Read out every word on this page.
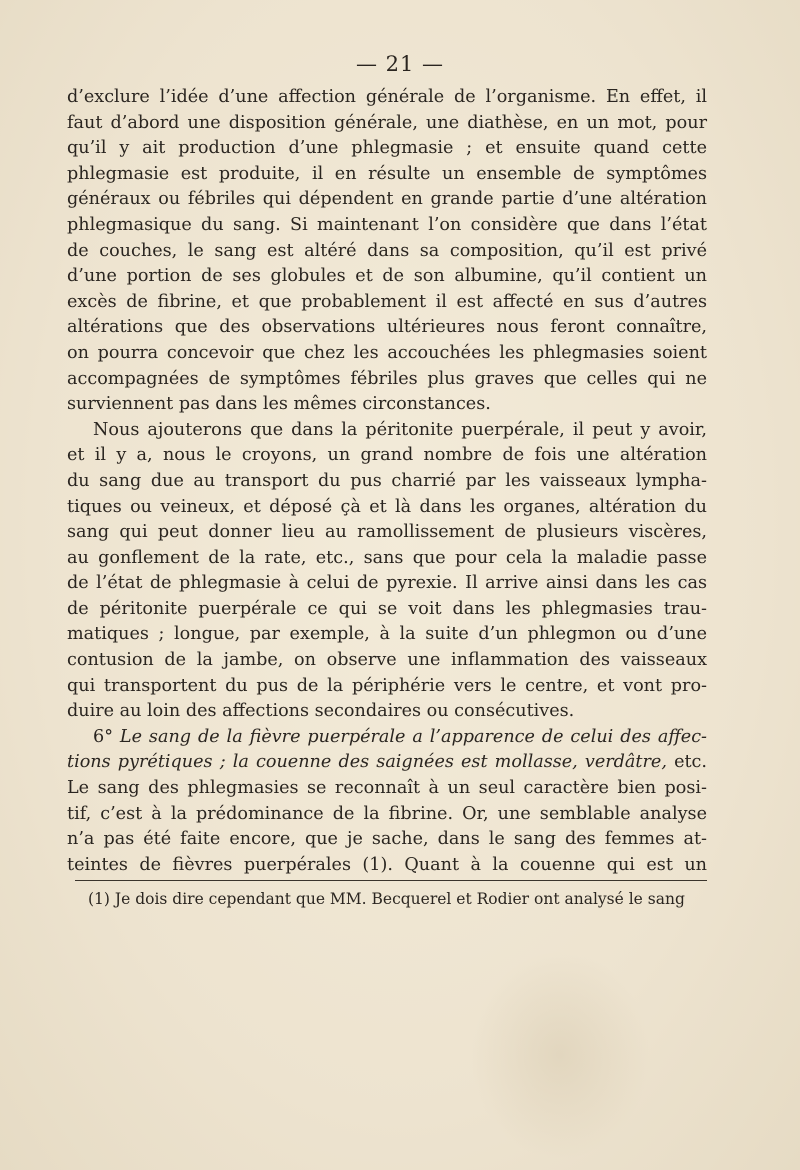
— 21 —
d’exclure l’idée d’une affection générale de l’organisme. En effet, il
faut d’abord une disposition générale, une diathèse, en un mot, pour
qu’il y ait production d’une phlegmasie ; et ensuite quand cette
phlegmasie est produite, il en résulte un ensemble de symptômes
généraux ou fébriles qui dépendent en grande partie d’une altération
phlegmasique du sang. Si maintenant l’on considère que dans l’état
de couches, le sang est altéré dans sa composition, qu’il est privé
d’une portion de ses globules et de son albumine, qu’il contient un
excès de fibrine, et que probablement il est affecté en sus d’autres
altérations que des observations ultérieures nous feront connaître,
on pourra concevoir que chez les accouchées les phlegmasies soient
accompagnées de symptômes fébriles plus graves que celles qui ne
surviennent pas dans les mêmes circonstances.
Nous ajouterons que dans la péritonite puerpérale, il peut y avoir,
et il y a, nous le croyons, un grand nombre de fois une altération
du sang due au transport du pus charrié par les vaisseaux lympha-
tiques ou veineux, et déposé çà et là dans les organes, altération du
sang qui peut donner lieu au ramollissement de plusieurs viscères,
au gonflement de la rate, etc., sans que pour cela la maladie passe
de l’état de phlegmasie à celui de pyrexie. Il arrive ainsi dans les cas
de péritonite puerpérale ce qui se voit dans les phlegmasies trau-
matiques ; longue, par exemple, à la suite d’un phlegmon ou d’une
contusion de la jambe, on observe une inflammation des vaisseaux
qui transportent du pus de la périphérie vers le centre, et vont pro-
duire au loin des affections secondaires ou consécutives.
6° Le sang de la fièvre puerpérale a l’apparence de celui des affec-
tions pyrétiques ; la couenne des saignées est mollasse, verdâtre, etc.
Le sang des phlegmasies se reconnaît à un seul caractère bien posi-
tif, c’est à la prédominance de la fibrine. Or, une semblable analyse
n’a pas été faite encore, que je sache, dans le sang des femmes at-
teintes de fièvres puerpérales (1). Quant à la couenne qui est un
(1) Je dois dire cependant que MM. Becquerel et Rodier ont analysé le sang
